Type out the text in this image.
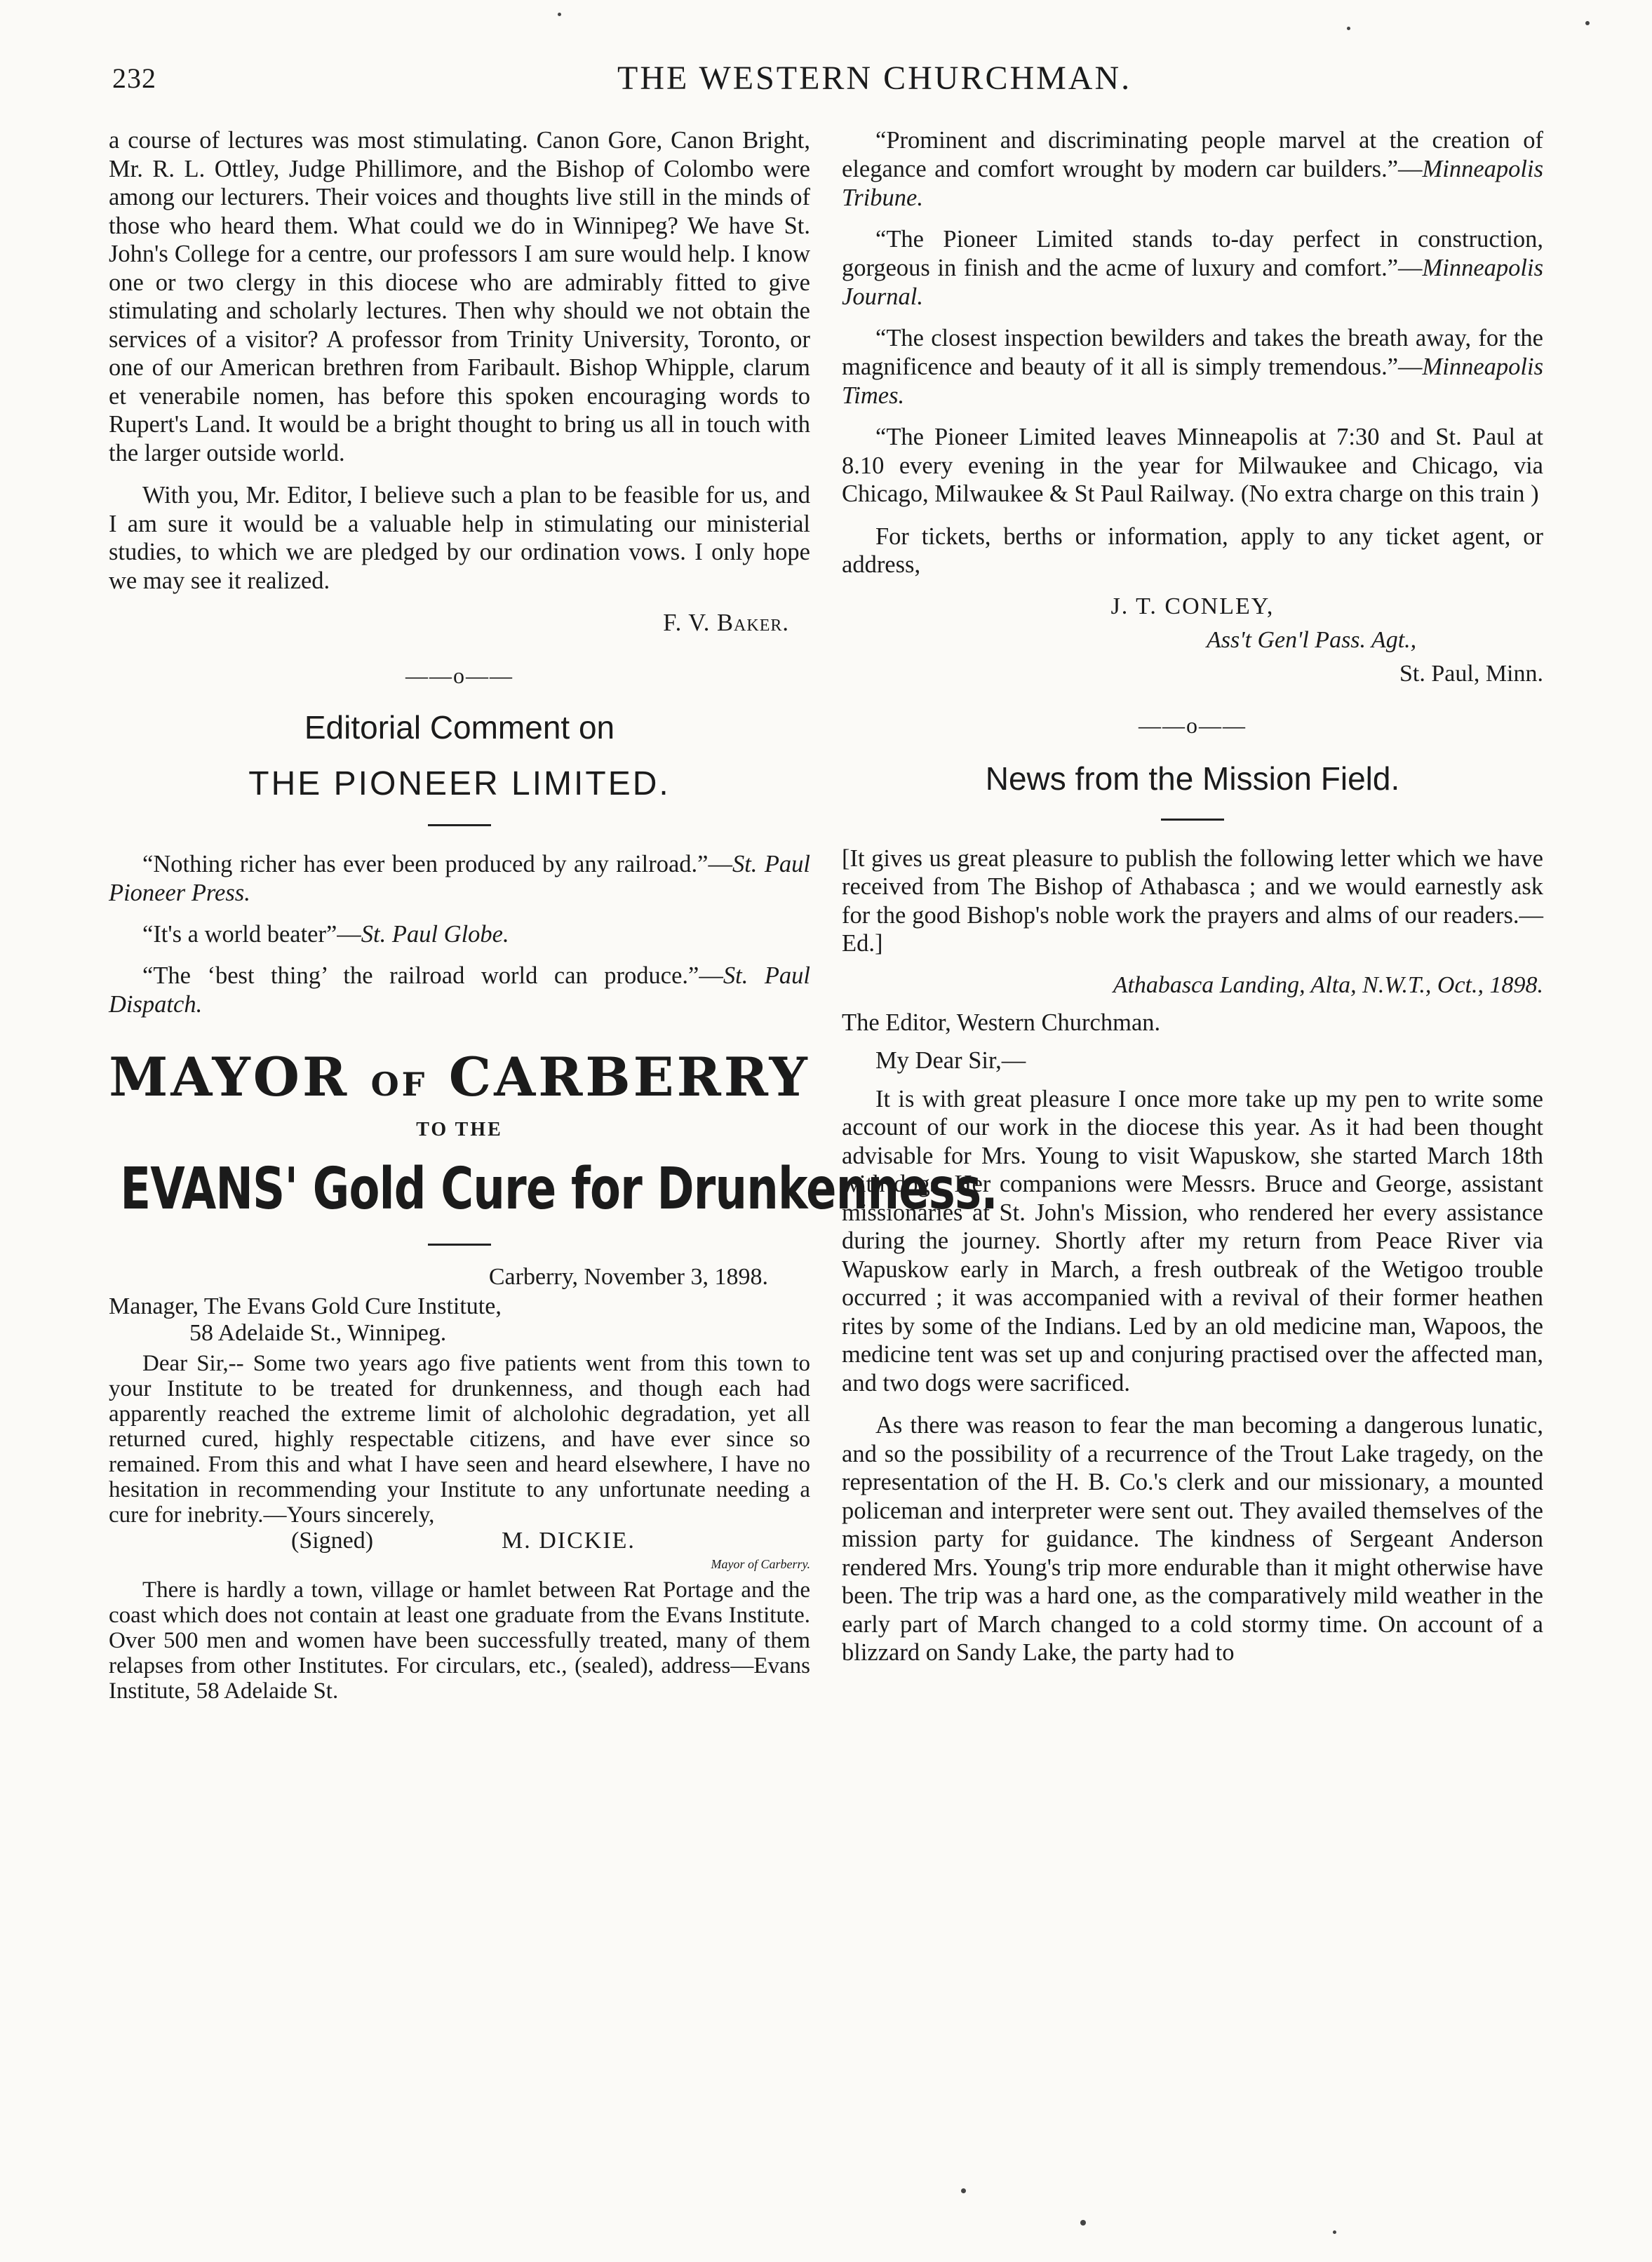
232	THE WESTERN CHURCHMAN.

a course of lectures was most stimulating. Canon Gore, Canon Bright, Mr. R. L. Ottley, Judge Phillimore, and the Bishop of Colombo were among our lecturers. Their voices and thoughts live still in the minds of those who heard them. What could we do in Winnipeg? We have St. John's College for a centre, our professors I am sure would help. I know one or two clergy in this diocese who are admirably fitted to give stimulating and scholarly lectures. Then why should we not obtain the services of a visitor? A professor from Trinity University, Toronto, or one of our American brethren from Faribault. Bishop Whipple, clarum et venerabile nomen, has before this spoken encouraging words to Rupert's Land. It would be a bright thought to bring us all in touch with the larger outside world.

With you, Mr. Editor, I believe such a plan to be feasible for us, and I am sure it would be a valuable help in stimulating our ministerial studies, to which we are pledged by our ordination vows. I only hope we may see it realized.

F. V. Baker.

——o——
Editorial Comment on
THE PIONEER LIMITED.

“Nothing richer has ever been produced by any railroad.”—St. Paul Pioneer Press.

“It's a world beater”—St. Paul Globe.

“The ‘best thing’ the railroad world can produce.”—St. Paul Dispatch.

MAYOR OF CARBERRY
TO THE
EVANS' Gold Cure for Drunkenness.
Carberry, November 3, 1898.
Manager, The Evans Gold Cure Institute,
58 Adelaide St., Winnipeg.

Dear Sir,-- Some two years ago five patients went from this town to your Institute to be treated for drunkenness, and though each had apparently reached the extreme limit of alcholohic degradation, yet all returned cured, highly respectable citizens, and have ever since so remained. From this and what I have seen and heard elsewhere, I have no hesitation in recommending your Institute to any unfortunate needing a cure for inebrity.—Yours sincerely,

(Signed)	M. DICKIE.
Mayor of Carberry.

There is hardly a town, village or hamlet between Rat Portage and the coast which does not contain at least one graduate from the Evans Institute. Over 500 men and women have been successfully treated, many of them relapses from other Institutes. For circulars, etc., (sealed), address—Evans Institute, 58 Adelaide St.

“Prominent and discriminating people marvel at the creation of elegance and comfort wrought by modern car builders.”—Minneapolis Tribune.

“The Pioneer Limited stands to-day perfect in construction, gorgeous in finish and the acme of luxury and comfort.”—Minneapolis Journal.

“The closest inspection bewilders and takes the breath away, for the magnificence and beauty of it all is simply tremendous.”—Minneapolis Times.

“The Pioneer Limited leaves Minneapolis at 7:30 and St. Paul at 8.10 every evening in the year for Milwaukee and Chicago, via Chicago, Milwaukee & St Paul Railway. (No extra charge on this train )

For tickets, berths or information, apply to any ticket agent, or address,

J. T. CONLEY,
Ass't Gen'l Pass. Agt.,
St. Paul, Minn.
——o——
News from the Mission Field.

[It gives us great pleasure to publish the following letter which we have received from The Bishop of Athabasca ; and we would earnestly ask for the good Bishop's noble work the prayers and alms of our readers.—Ed.]

Athabasca Landing, Alta, N.W.T., Oct., 1898.

The Editor, Western Churchman.

My Dear Sir,—

It is with great pleasure I once more take up my pen to write some account of our work in the diocese this year. As it had been thought advisable for Mrs. Young to visit Wapuskow, she started March 18th with dogs. Her companions were Messrs. Bruce and George, assistant missionaries at St. John's Mission, who rendered her every assistance during the journey. Shortly after my return from Peace River via Wapuskow early in March, a fresh outbreak of the Wetigoo trouble occurred ; it was accompanied with a revival of their former heathen rites by some of the Indians. Led by an old medicine man, Wapoos, the medicine tent was set up and conjuring practised over the affected man, and two dogs were sacrificed.

As there was reason to fear the man becoming a dangerous lunatic, and so the possibility of a recurrence of the Trout Lake tragedy, on the representation of the H. B. Co.'s clerk and our missionary, a mounted policeman and interpreter were sent out. They availed themselves of the mission party for guidance. The kindness of Sergeant Anderson rendered Mrs. Young's trip more endurable than it might otherwise have been. The trip was a hard one, as the comparatively mild weather in the early part of March changed to a cold stormy time. On account of a blizzard on Sandy Lake, the party had to
